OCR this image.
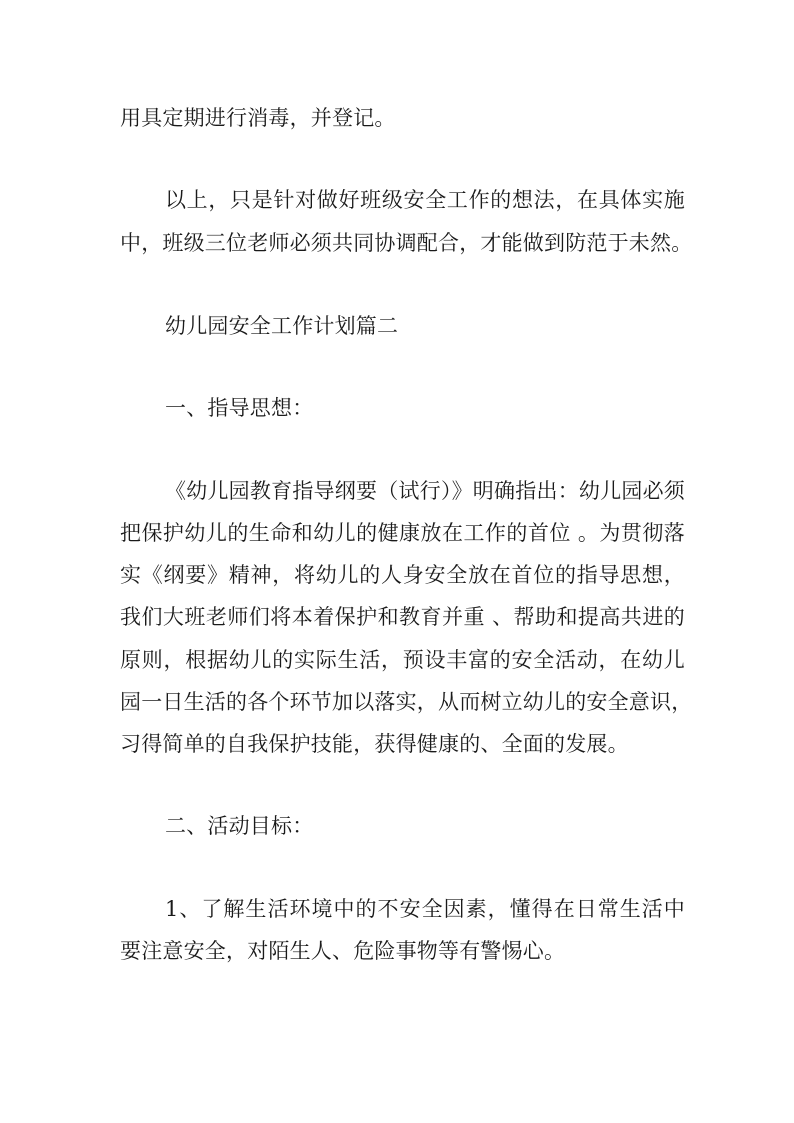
用具定期进行消毒，并登记。
以上，只是针对做好班级安全工作的想法，在具体实施
中，班级三位老师必须共同协调配合，才能做到防范于未然。
幼儿园安全工作计划篇二
一、指导思想：
《幼儿园教育指导纲要（试行）》明确指出：幼儿园必须
把保护幼儿的生命和幼儿的健康放在工作的首位 。为贯彻落
实《纲要》精神，将幼儿的人身安全放在首位的指导思想，
我们大班老师们将本着保护和教育并重 、帮助和提高共进的
原则，根据幼儿的实际生活，预设丰富的安全活动，在幼儿
园一日生活的各个环节加以落实，从而树立幼儿的安全意识，
习得简单的自我保护技能，获得健康的、全面的发展。
二、活动目标：
1、了解生活环境中的不安全因素，懂得在日常生活中
要注意安全，对陌生人、危险事物等有警惕心。
